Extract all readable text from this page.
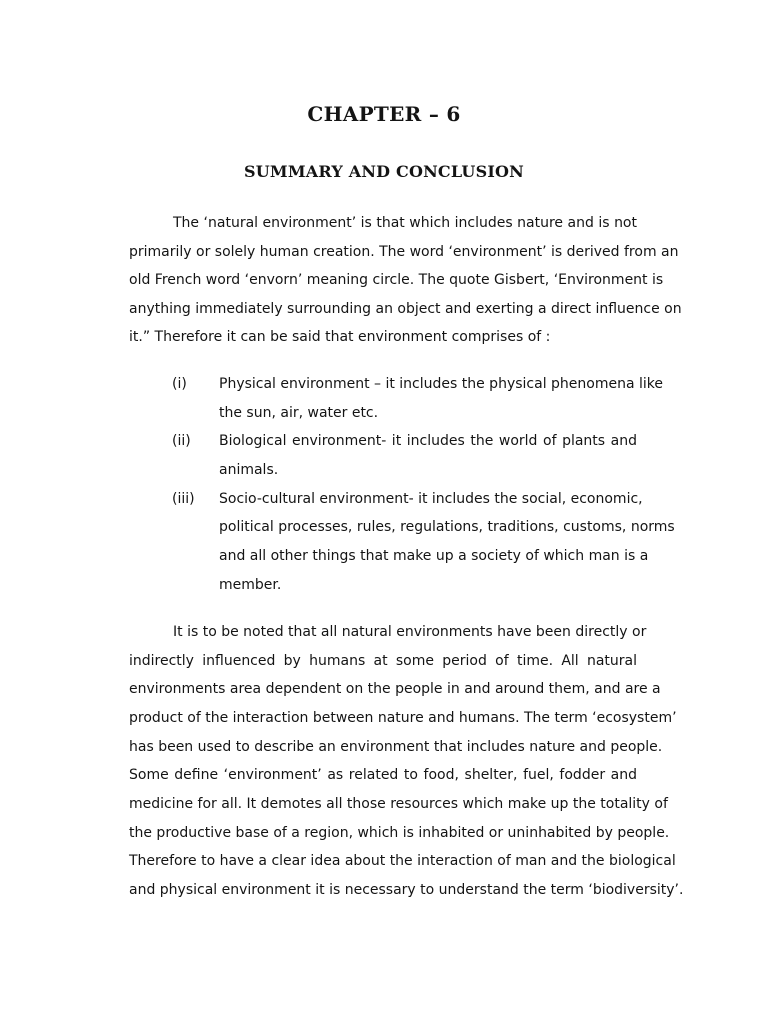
CHAPTER – 6
SUMMARY AND CONCLUSION

The ‘natural environment’ is that which includes nature and is not

primarily or solely human creation. The word ‘environment’ is derived from an

old French word ‘envorn’ meaning circle. The quote Gisbert, ‘Environment is

anything immediately surrounding an object and exerting a direct influence on

it.” Therefore it can be said that environment comprises of :

(i) Physical environment – it includes the physical phenomena like

the sun, air, water etc.

(ii) Biological environment- it includes the world of plants and

animals.

(iii) Socio-cultural environment- it includes the social, economic,

political processes, rules, regulations, traditions, customs, norms

and all other things that make up a society of which man is a

member.

It is to be noted that all natural environments have been directly or

indirectly influenced by humans at some period of time. All natural

environments area dependent on the people in and around them, and are a

product of the interaction between nature and humans. The term ‘ecosystem’

has been used to describe an environment that includes nature and people.

Some define ‘environment’ as related to food, shelter, fuel, fodder and

medicine for all. It demotes all those resources which make up the totality of

the productive base of a region, which is inhabited or uninhabited by people.

Therefore to have a clear idea about the interaction of man and the biological

and physical environment it is necessary to understand the term ‘biodiversity’.
